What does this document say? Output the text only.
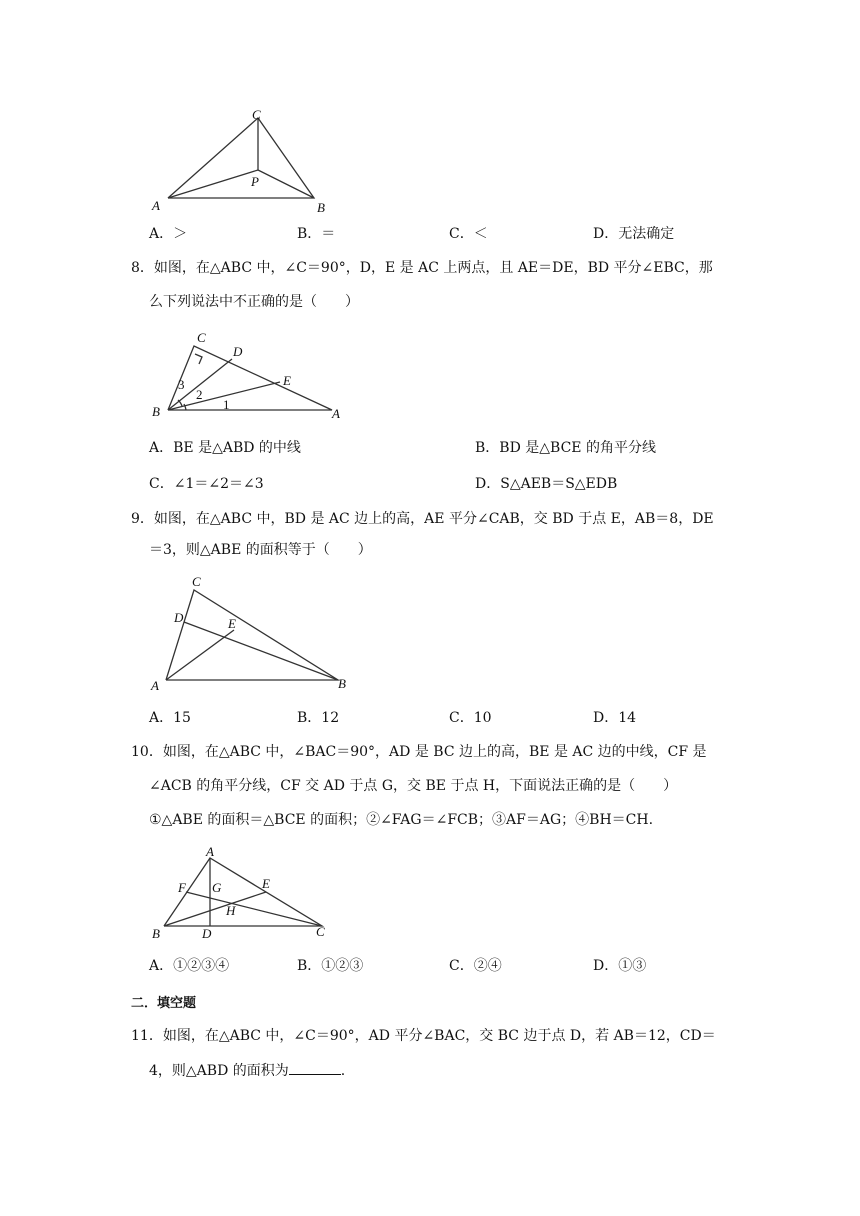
C
P
A	B
A．＞	B．＝	C．＜	D．无法确定
8．如图，在△ABC 中，∠C＝90°，D，E 是 AC 上两点，且 AE＝DE，BD 平分∠EBC，那
么下列说法中不正确的是（　　）
C
D
E
B	A
1
2
3
A．BE 是△ABD 的中线	B．BD 是△BCE 的角平分线
C．∠1＝∠2＝∠3	D．S△AEB＝S△EDB
9．如图，在△ABC 中，BD 是 AC 边上的高，AE 平分∠CAB，交 BD 于点 E，AB＝8，DE
＝3，则△ABE 的面积等于（　　）
C
D	E
A	B
A．15	B．12	C．10	D．14
10．如图，在△ABC 中，∠BAC＝90°，AD 是 BC 边上的高，BE 是 AC 边的中线，CF 是
∠ACB 的角平分线，CF 交 AD 于点 G，交 BE 于点 H，下面说法正确的是（　　）
①△ABE 的面积＝△BCE 的面积；②∠FAG＝∠FCB；③AF＝AG；④BH＝CH.
A
F G	E
H
B	D	C
A．①②③④	B．①②③	C．②④	D．①③
二．填空题
11．如图，在△ABC 中，∠C＝90°，AD 平分∠BAC，交 BC 边于点 D，若 AB＝12，CD＝
4，则△ABD 的面积为	.
